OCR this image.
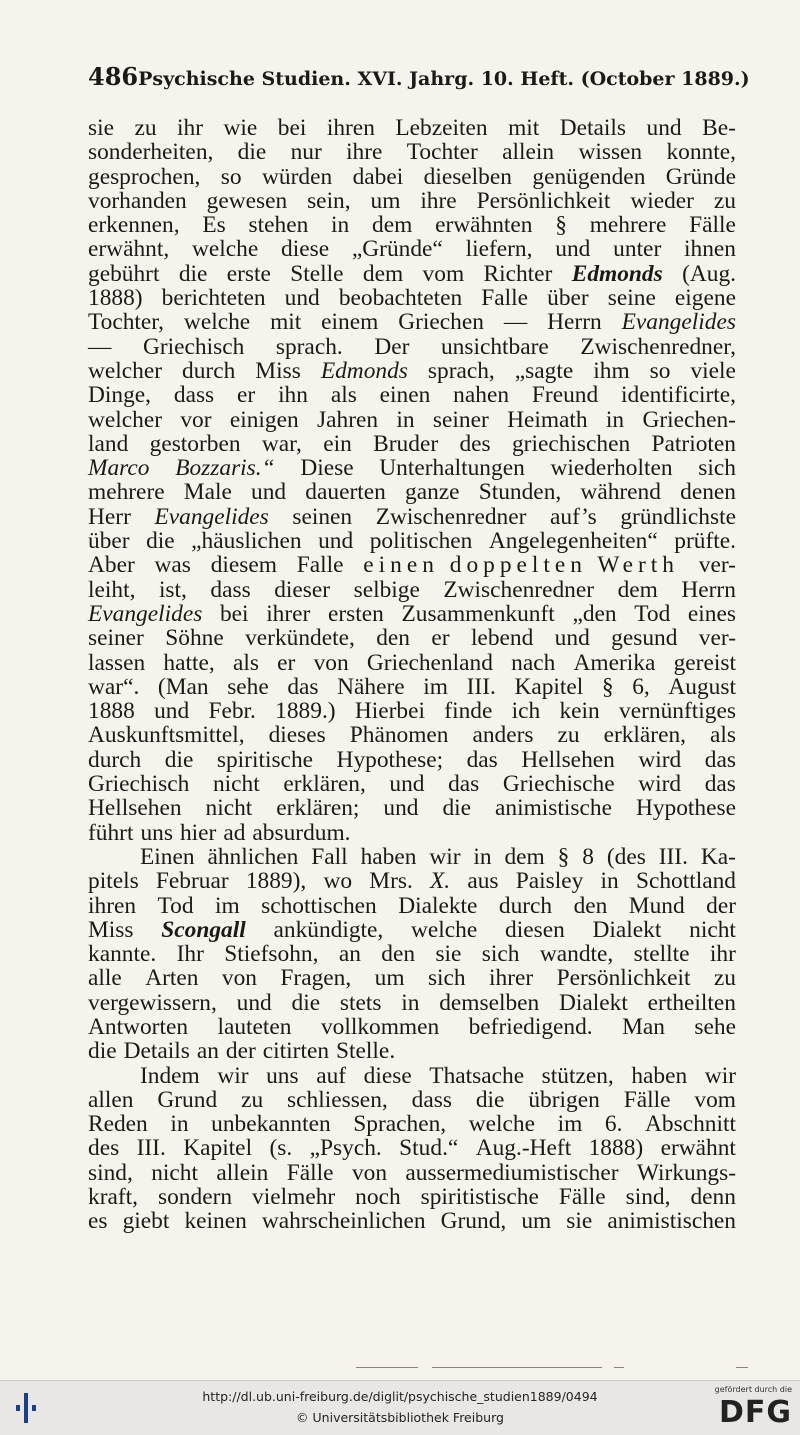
486 Psychische Studien. XVI. Jahrg. 10. Heft. (October 1889.)
sie zu ihr wie bei ihren Lebzeiten mit Details und Be-
sonderheiten, die nur ihre Tochter allein wissen konnte,
gesprochen, so würden dabei dieselben genügenden Gründe
vorhanden gewesen sein, um ihre Persönlichkeit wieder zu
erkennen, Es stehen in dem erwähnten § mehrere Fälle
erwähnt, welche diese „Gründe“ liefern, und unter ihnen
gebührt die erste Stelle dem vom Richter Edmonds (Aug.
1888) berichteten und beobachteten Falle über seine eigene
Tochter, welche mit einem Griechen — Herrn Evangelides
— Griechisch sprach. Der unsichtbare Zwischenredner,
welcher durch Miss Edmonds sprach, „sagte ihm so viele
Dinge, dass er ihn als einen nahen Freund identificirte,
welcher vor einigen Jahren in seiner Heimath in Griechen-
land gestorben war, ein Bruder des griechischen Patrioten
Marco Bozzaris.“ Diese Unterhaltungen wiederholten sich
mehrere Male und dauerten ganze Stunden, während denen
Herr Evangelides seinen Zwischenredner auf’s gründlichste
über die „häuslichen und politischen Angelegenheiten“ prüfte.
Aber was diesem Falle einen doppelten Werth ver-
leiht, ist, dass dieser selbige Zwischenredner dem Herrn
Evangelides bei ihrer ersten Zusammenkunft „den Tod eines
seiner Söhne verkündete, den er lebend und gesund ver-
lassen hatte, als er von Griechenland nach Amerika gereist
war“. (Man sehe das Nähere im III. Kapitel § 6, August
1888 und Febr. 1889.) Hierbei finde ich kein vernünftiges
Auskunftsmittel, dieses Phänomen anders zu erklären, als
durch die spiritische Hypothese; das Hellsehen wird das
Griechisch nicht erklären, und das Griechische wird das
Hellsehen nicht erklären; und die animistische Hypothese
führt uns hier ad absurdum.
Einen ähnlichen Fall haben wir in dem § 8 (des III. Ka-
pitels Februar 1889), wo Mrs. X. aus Paisley in Schottland
ihren Tod im schottischen Dialekte durch den Mund der
Miss Scongall ankündigte, welche diesen Dialekt nicht
kannte. Ihr Stiefsohn, an den sie sich wandte, stellte ihr
alle Arten von Fragen, um sich ihrer Persönlichkeit zu
vergewissern, und die stets in demselben Dialekt ertheilten
Antworten lauteten vollkommen befriedigend. Man sehe
die Details an der citirten Stelle.
Indem wir uns auf diese Thatsache stützen, haben wir
allen Grund zu schliessen, dass die übrigen Fälle vom
Reden in unbekannten Sprachen, welche im 6. Abschnitt
des III. Kapitel (s. „Psych. Stud.“ Aug.-Heft 1888) erwähnt
sind, nicht allein Fälle von aussermediumistischer Wirkungs-
kraft, sondern vielmehr noch spiritistische Fälle sind, denn
es giebt keinen wahrscheinlichen Grund, um sie animistischen
http://dl.ub.uni-freiburg.de/diglit/psychische_studien1889/0494
© Universitätsbibliothek Freiburg
gefördert durch die
DFG
